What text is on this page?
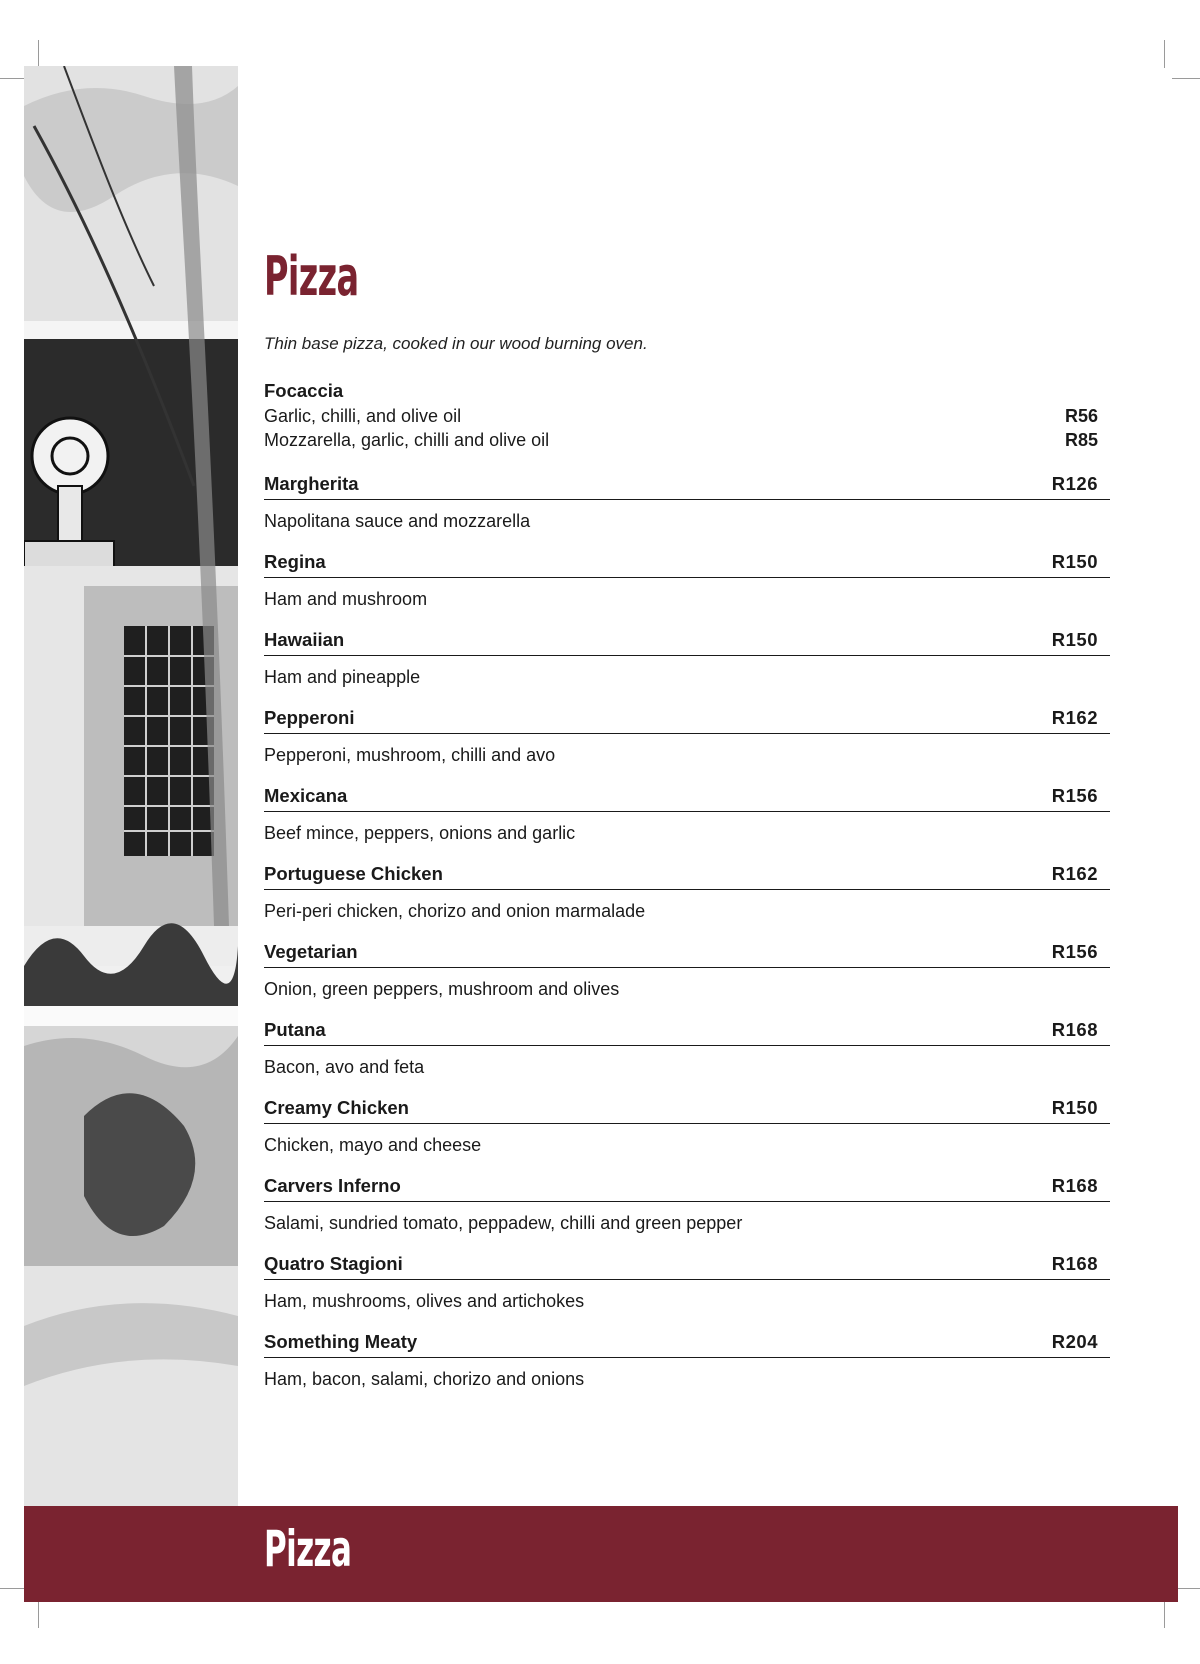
Pizza
Thin base pizza, cooked in our wood burning oven.
Focaccia
Garlic, chilli, and olive oil	R56
Mozzarella, garlic, chilli and olive oil	R85
Margherita	R126
Napolitana sauce and mozzarella
Regina	R150
Ham and mushroom
Hawaiian	R150
Ham and pineapple
Pepperoni	R162
Pepperoni, mushroom, chilli and avo
Mexicana	R156
Beef mince, peppers, onions and garlic
Portuguese Chicken	R162
Peri-peri chicken, chorizo and onion marmalade
Vegetarian	R156
Onion, green peppers, mushroom and olives
Putana	R168
Bacon, avo and feta
Creamy Chicken	R150
Chicken, mayo and cheese
Carvers Inferno	R168
Salami, sundried tomato, peppadew, chilli and green pepper
Quatro Stagioni	R168
Ham, mushrooms, olives and artichokes
Something Meaty	R204
Ham, bacon, salami, chorizo and onions
Pizza
